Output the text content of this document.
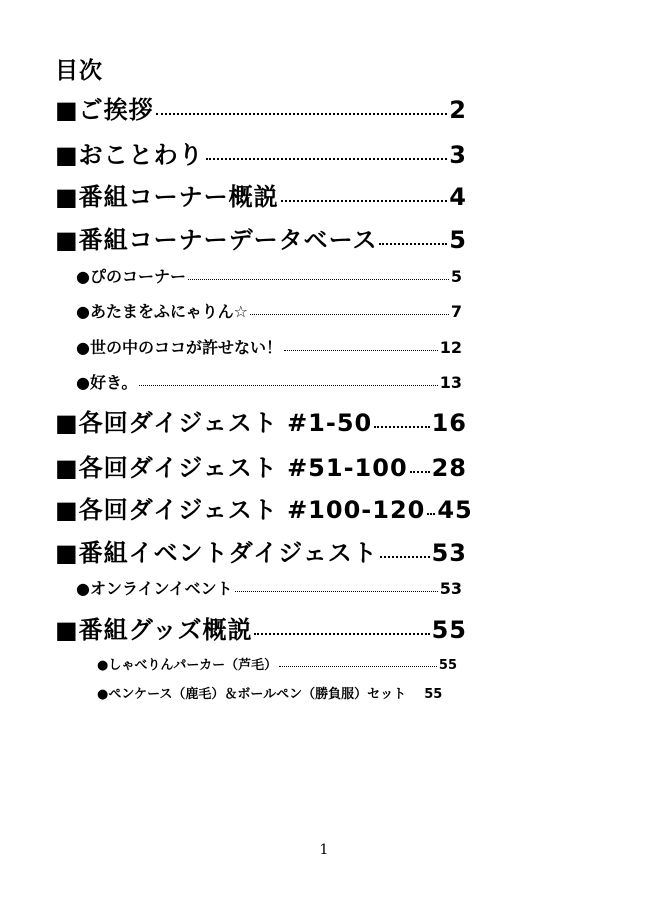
目次
■ご挨拶	2
■おことわり	3
■番組コーナー概説	4
■番組コーナーデータベース	5
●ぴのコーナー	5
●あたまをふにゃりん☆	7
●世の中のココが許せない！	12
●好き。	13
■各回ダイジェスト #1-50 16
■各回ダイジェスト #51-100 28
■各回ダイジェスト #100-120 45
■番組イベントダイジェスト 53
●オンラインイベント	53
■番組グッズ概説	55
●しゃべりんパーカー（芦毛）	55
●ペンケース（鹿毛）＆ボールペン（勝負服）セット 55
1
